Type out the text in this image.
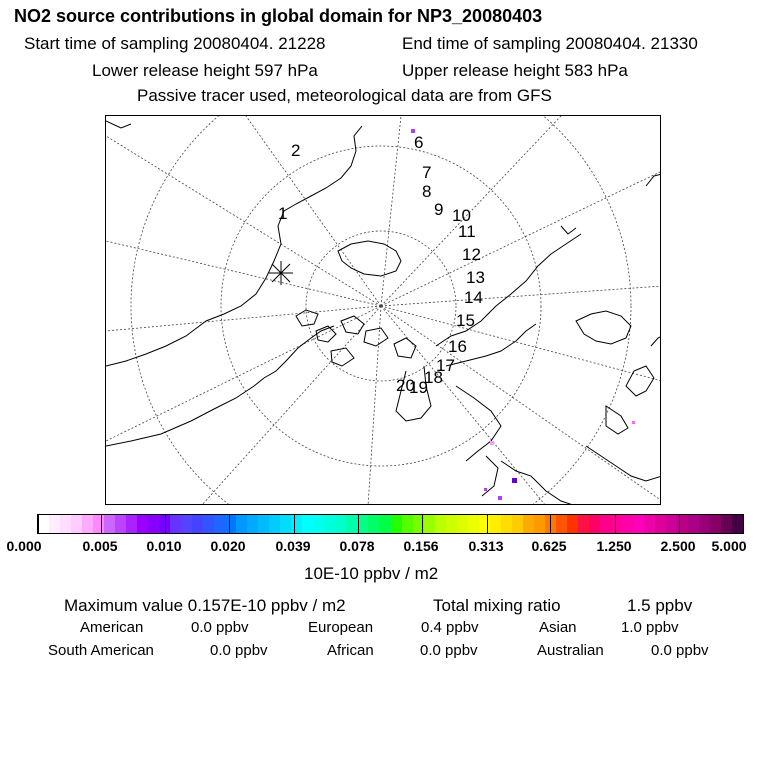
NO2 source contributions in global domain for NP3_20080403
Start time of sampling 20080404. 21228	End time of sampling 20080404. 21330
Lower release height 597 hPa	Upper release height 583 hPa
Passive tracer used, meteorological data are from GFS
1
2	6
7
8
9 10
11
12
13
14
15
16
17
18
19
20
0.000	0.005 0.010 0.020 0.039 0.078 0.156 0.313 0.625 1.250 2.500 5.000
10E-10 ppbv / m2
Maximum value 0.157E-10 ppbv / m2	Total mixing ratio	1.5 ppbv
American	0.0 ppbv	European	0.4 ppbv	Asian	1.0 ppbv
South American	0.0 ppbv	African	0.0 ppbv	Australian	0.0 ppbv
